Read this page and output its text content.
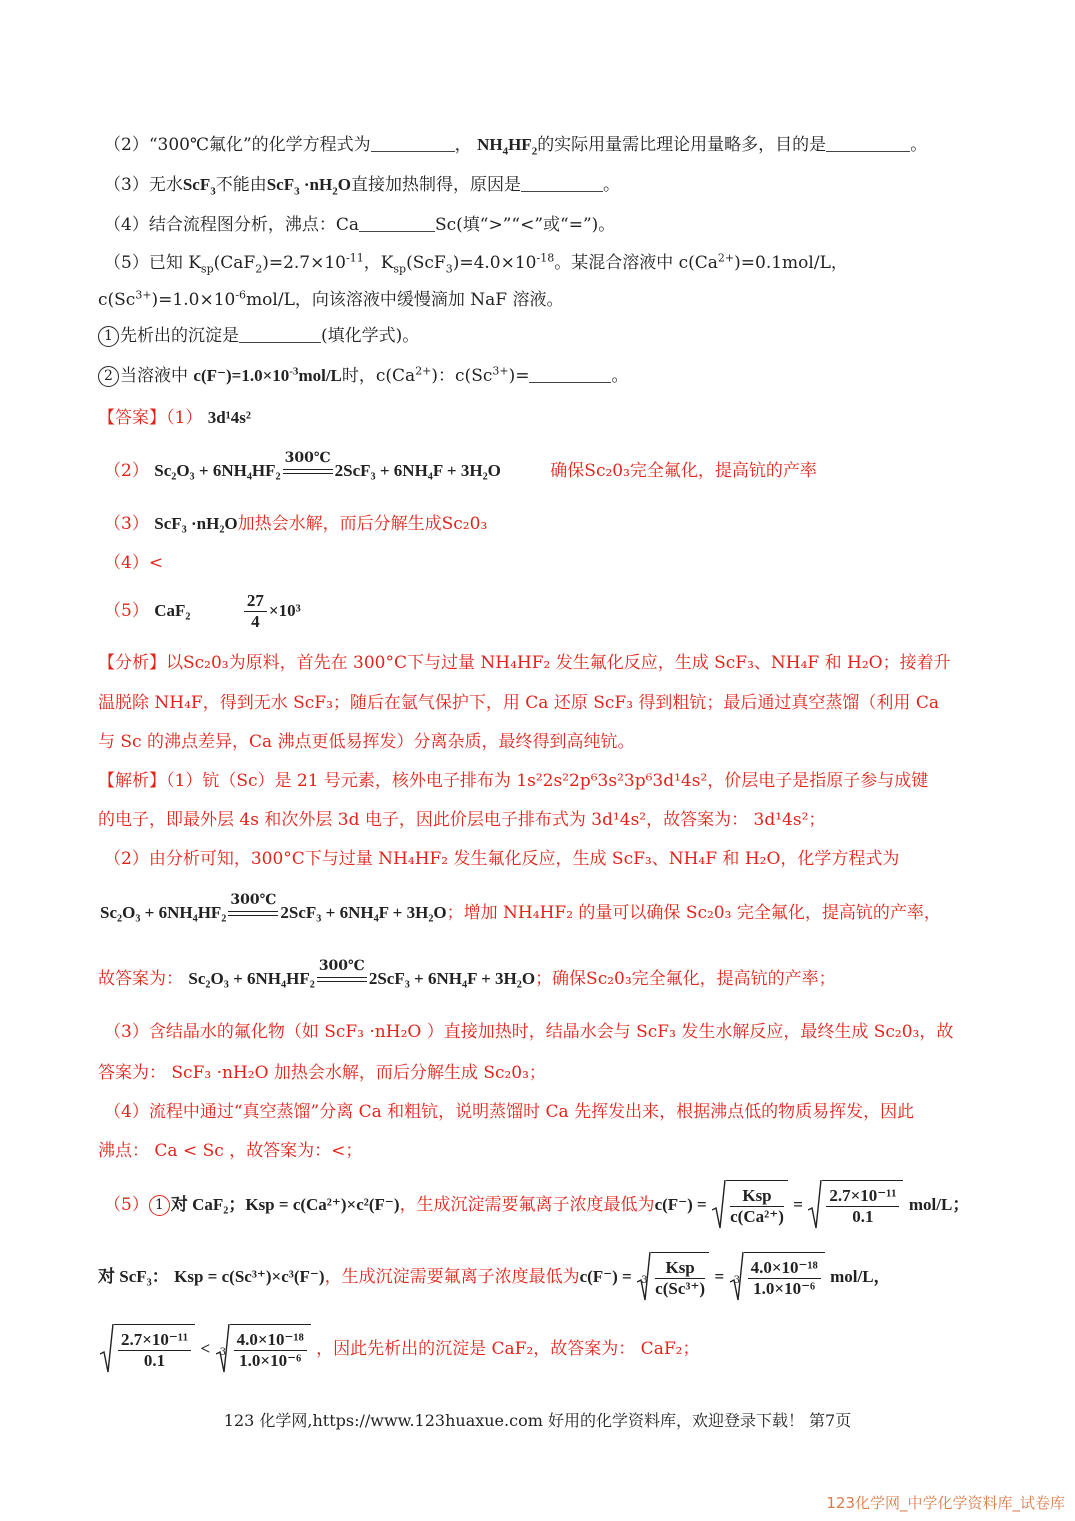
（2）“300℃氟化”的化学方程式为	， $NH_4HF_2$的实际用量需比理论用量略多，目的是	。
（3）无水ScF$_3$不能由$ScF_3 \cdot nH_2O$直接加热制得，原因是	。
（4）结合流程图分析，沸点：Ca	Sc(填“>”“<”或“=”)。
（5）已知 $K_{sp}(CaF_2)=2.7\times 10^{-11}$，$K_{sp}(ScF_3)=4.0\times 10^{-18}$。某混合溶液中 $c(Ca^{2+})=0.1mol/L$，
$c(Sc^{3+})=1.0\times 10^{-6}mol/L$，向该溶液中缓慢滴加 NaF 溶液。
1 先析出的沉淀是	(填化学式)。
2 当溶液中 $c(F^-)=1.0\times 10^{-3}mol/L$时，$c(Ca^{2+})$：$c(Sc^{3+})=$	。
【答案】（1） 3d¹4s²
（2） Sc₂O₃ + 6NH₄HF₂
300℃
2ScF₃ + 6NH₄F + 3H₂O	确保Sc₂0₃完全氟化，提高钪的产率
（3） ScF₃ ·nH₂O加热会水解，而后分解生成Sc₂0₃
（4）<
（5） CaF₂	$\frac{27}{4} \times 10^3$
【分析】以Sc₂0₃为原料，首先在 300°C下与过量 NH₄HF₂ 发生氟化反应，生成 ScF₃、NH₄F 和 H₂O；接着升
温脱除 NH₄F，得到无水 ScF₃；随后在氩气保护下，用 Ca 还原 ScF₃ 得到粗钪；最后通过真空蒸馏（利用 Ca
与 Sc 的沸点差异，Ca 沸点更低易挥发）分离杂质，最终得到高纯钪。
【解析】（1）钪（Sc）是 21 号元素，核外电子排布为 1s²2s²2p⁶3s²3p⁶3d¹4s²，价层电子是指原子参与成键
的电子，即最外层 4s 和次外层 3d 电子，因此价层电子排布式为 3d¹4s²，故答案为： 3d¹4s²；
（2）由分析可知，300°C下与过量 NH₄HF₂ 发生氟化反应，生成 ScF₃、NH₄F 和 H₂O，化学方程式为
Sc₂O₃ + 6NH₄HF₂
300℃
2ScF₃ + 6NH₄F + 3H₂O；增加 NH₄HF₂ 的量可以确保 Sc₂0₃ 完全氟化，提高钪的产率，
故答案为： Sc₂O₃ + 6NH₄HF₂
300℃
2ScF₃ + 6NH₄F + 3H₂O；确保Sc₂0₃完全氟化，提高钪的产率；
（3）含结晶水的氟化物（如 ScF₃ ·nH₂O ）直接加热时，结晶水会与 ScF₃ 发生水解反应，最终生成 Sc₂0₃，故
答案为： ScF₃ ·nH₂O 加热会水解，而后分解生成 Sc₂0₃；
（4）流程中通过“真空蒸馏”分离 Ca 和粗钪，说明蒸馏时 Ca 先挥发出来，根据沸点低的物质易挥发，因此
沸点： Ca < Sc ，故答案为：<；
（5） 1 对 CaF₂；Ksp = c(Ca²⁺)×c²(F⁻)，生成沉淀需要氟离子浓度最低为$c(F^-) = \frac{\text{Ksp}}{\text{c(Ca²⁺)}} = \frac{\text{2.7×10⁻¹¹}}{0.1} mol/L$；
对 ScF₃： Ksp = c(Sc³⁺)×c³(F⁻)，生成沉淀需要氟离子浓度最低为$c(F^-) = 3 \frac{\text{Ksp}}{\text{c(Sc³⁺)}} = 3 \frac{\text{4.0×10⁻¹⁸}}{\text{1.0×10⁻⁶}} mol/L$，
$\frac{\text{2.7×10⁻¹¹}}{0.1} < 3 \frac{\text{4.0×10⁻¹⁸}}{\text{1.0×10⁻⁶}}$ ，因此先析出的沉淀是 CaF₂，故答案为： CaF₂；
123 化学网,https://www.123huaxue.com 好用的化学资料库，欢迎登录下载！ 第7页
123化学网_中学化学资料库_试卷库
